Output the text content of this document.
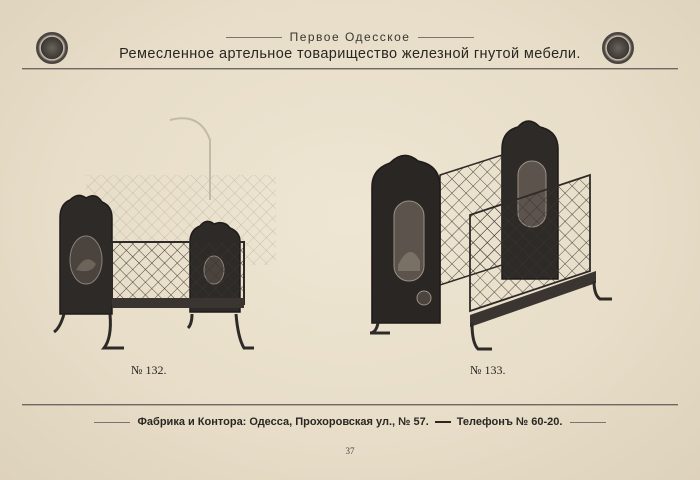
Первое Одесское
Ремесленное артельное товарищество железной гнутой мебели.
№ 132.	№ 133.
Фабрика и Контора: Одесса, Прохоровская ул., № 57.	Телефонъ № 60-20.
37
